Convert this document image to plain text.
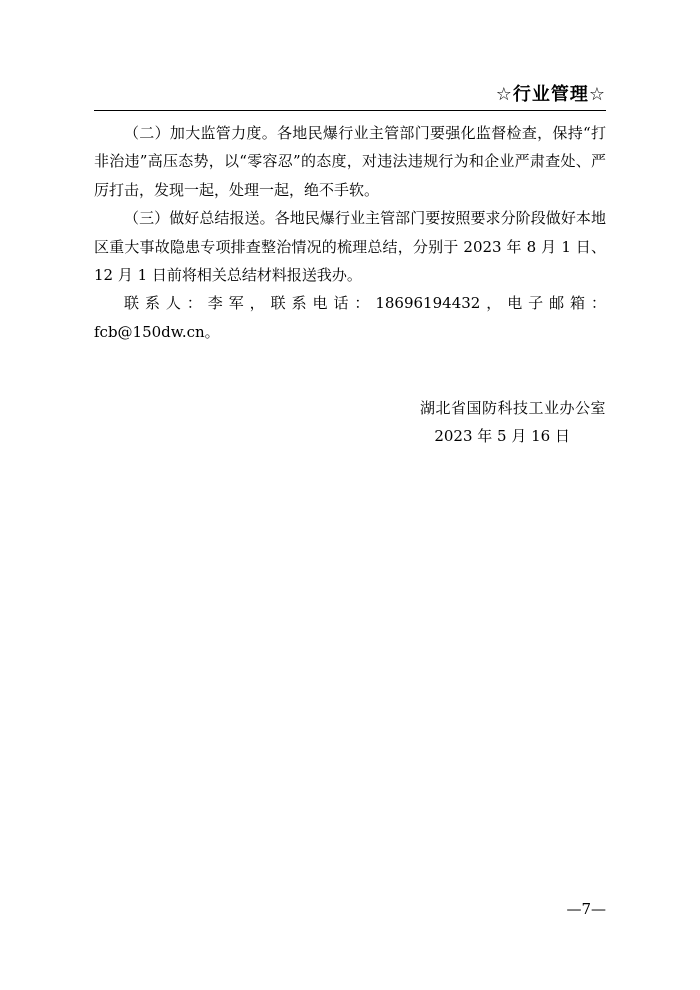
☆行业管理☆

（二）加大监管力度。各地民爆行业主管部门要强化监督检查，保持“打非治违”高压态势，以“零容忍”的态度，对违法违规行为和企业严肃查处、严厉打击，发现一起，处理一起，绝不手软。

（三）做好总结报送。各地民爆行业主管部门要按照要求分阶段做好本地区重大事故隐患专项排查整治情况的梳理总结，分别于 2023 年 8 月 1 日、12 月 1 日前将相关总结材料报送我办。

联系人：李军，联系电话：18696194432，电子邮箱：fcb@150dw.cn。

湖北省国防科技工业办公室
2023 年 5 月 16 日
—7—
